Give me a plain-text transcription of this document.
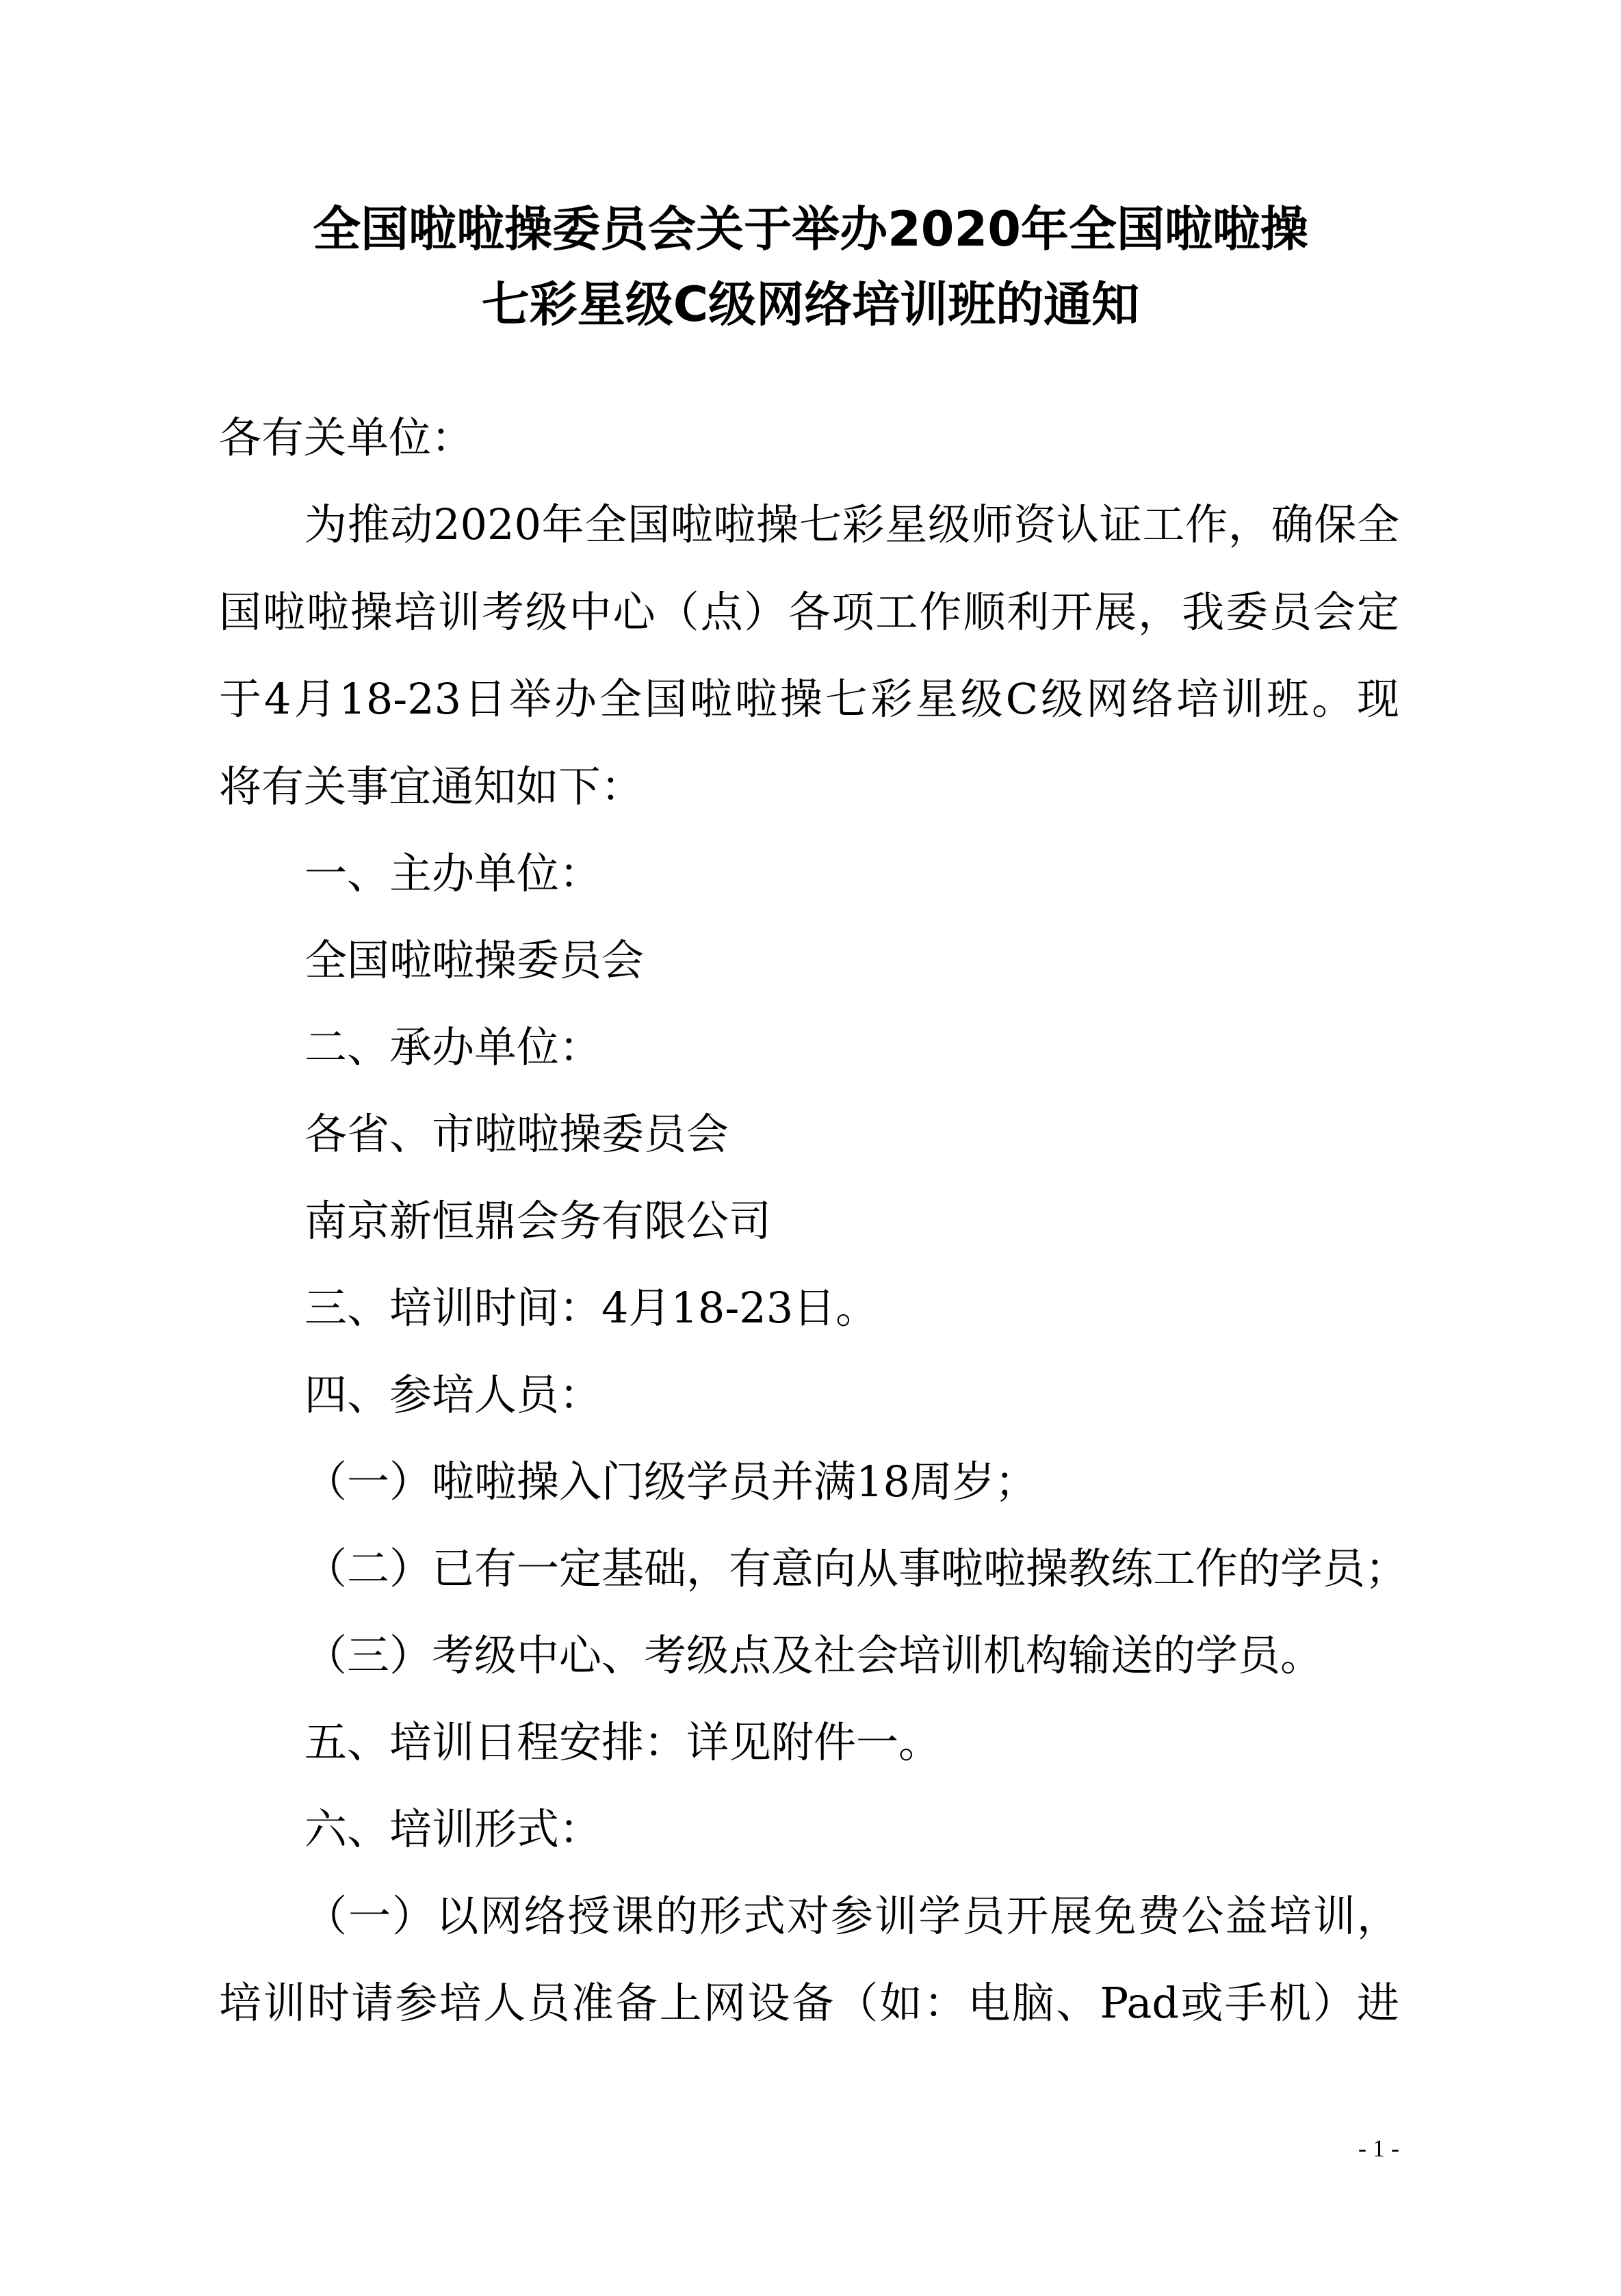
全国啦啦操委员会关于举办2020年全国啦啦操
七彩星级C级网络培训班的通知

各有关单位：

为推动2020年全国啦啦操七彩星级师资认证工作，确保全

国啦啦操培训考级中心（点）各项工作顺利开展，我委员会定

于4月18-23日举办全国啦啦操七彩星级C级网络培训班。现

将有关事宜通知如下：

一、主办单位：

全国啦啦操委员会

二、承办单位：

各省、市啦啦操委员会

南京新恒鼎会务有限公司

三、培训时间：4月18-23日。

四、参培人员：

（一）啦啦操入门级学员并满18周岁；

（二）已有一定基础，有意向从事啦啦操教练工作的学员；

（三）考级中心、考级点及社会培训机构输送的学员。

五、培训日程安排：详见附件一。

六、培训形式：

（一）以网络授课的形式对参训学员开展免费公益培训，

培训时请参培人员准备上网设备（如：电脑、Pad或手机）进

- 1 -
